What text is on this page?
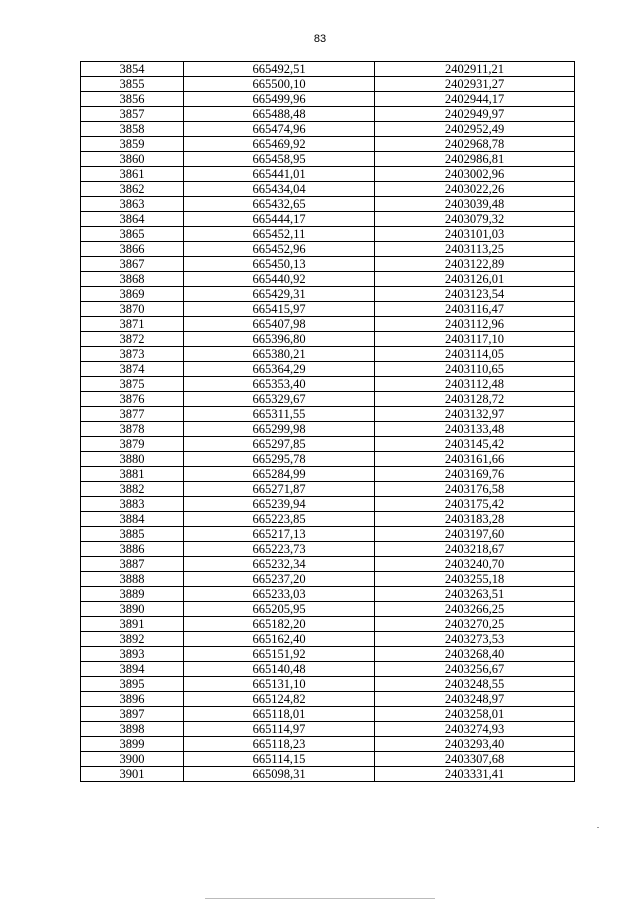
83
3854	665492,51	2402911,21
3855	665500,10	2402931,27
3856	665499,96	2402944,17
3857	665488,48	2402949,97
3858	665474,96	2402952,49
3859	665469,92	2402968,78
3860	665458,95	2402986,81
3861	665441,01	2403002,96
3862	665434,04	2403022,26
3863	665432,65	2403039,48
3864	665444,17	2403079,32
3865	665452,11	2403101,03
3866	665452,96	2403113,25
3867	665450,13	2403122,89
3868	665440,92	2403126,01
3869	665429,31	2403123,54
3870	665415,97	2403116,47
3871	665407,98	2403112,96
3872	665396,80	2403117,10
3873	665380,21	2403114,05
3874	665364,29	2403110,65
3875	665353,40	2403112,48
3876	665329,67	2403128,72
3877	665311,55	2403132,97
3878	665299,98	2403133,48
3879	665297,85	2403145,42
3880	665295,78	2403161,66
3881	665284,99	2403169,76
3882	665271,87	2403176,58
3883	665239,94	2403175,42
3884	665223,85	2403183,28
3885	665217,13	2403197,60
3886	665223,73	2403218,67
3887	665232,34	2403240,70
3888	665237,20	2403255,18
3889	665233,03	2403263,51
3890	665205,95	2403266,25
3891	665182,20	2403270,25
3892	665162,40	2403273,53
3893	665151,92	2403268,40
3894	665140,48	2403256,67
3895	665131,10	2403248,55
3896	665124,82	2403248,97
3897	665118,01	2403258,01
3898	665114,97	2403274,93
3899	665118,23	2403293,40
3900	665114,15	2403307,68
3901	665098,31	2403331,41
